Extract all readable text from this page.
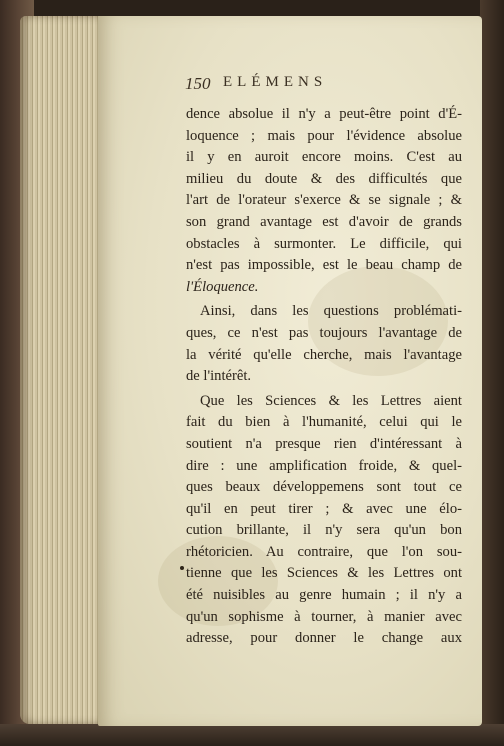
150 ELÉMENS
dence absolue il n'y a peut-être point d'É-
loquence ; mais pour l'évidence absolue
il y en auroit encore moins. C'est au
milieu du doute & des difficultés que
l'art de l'orateur s'exerce & se signale ; &
son grand avantage est d'avoir de grands
obstacles à surmonter. Le difficile, qui
n'est pas impossible, est le beau champ de
l'Éloquence.
Ainsi, dans les questions problémati-
ques, ce n'est pas toujours l'avantage de
la vérité qu'elle cherche, mais l'avantage
de l'intérêt.
Que les Sciences & les Lettres aient
fait du bien à l'humanité, celui qui le
soutient n'a presque rien d'intéressant à
dire : une amplification froide, & quel-
ques beaux développemens sont tout ce
qu'il en peut tirer ; & avec une élo-
cution brillante, il n'y sera qu'un bon
rhétoricien. Au contraire, que l'on sou-
tienne que les Sciences & les Lettres ont
été nuisibles au genre humain ; il n'y a
qu'un sophisme à tourner, à manier avec
adresse, pour donner le change aux
